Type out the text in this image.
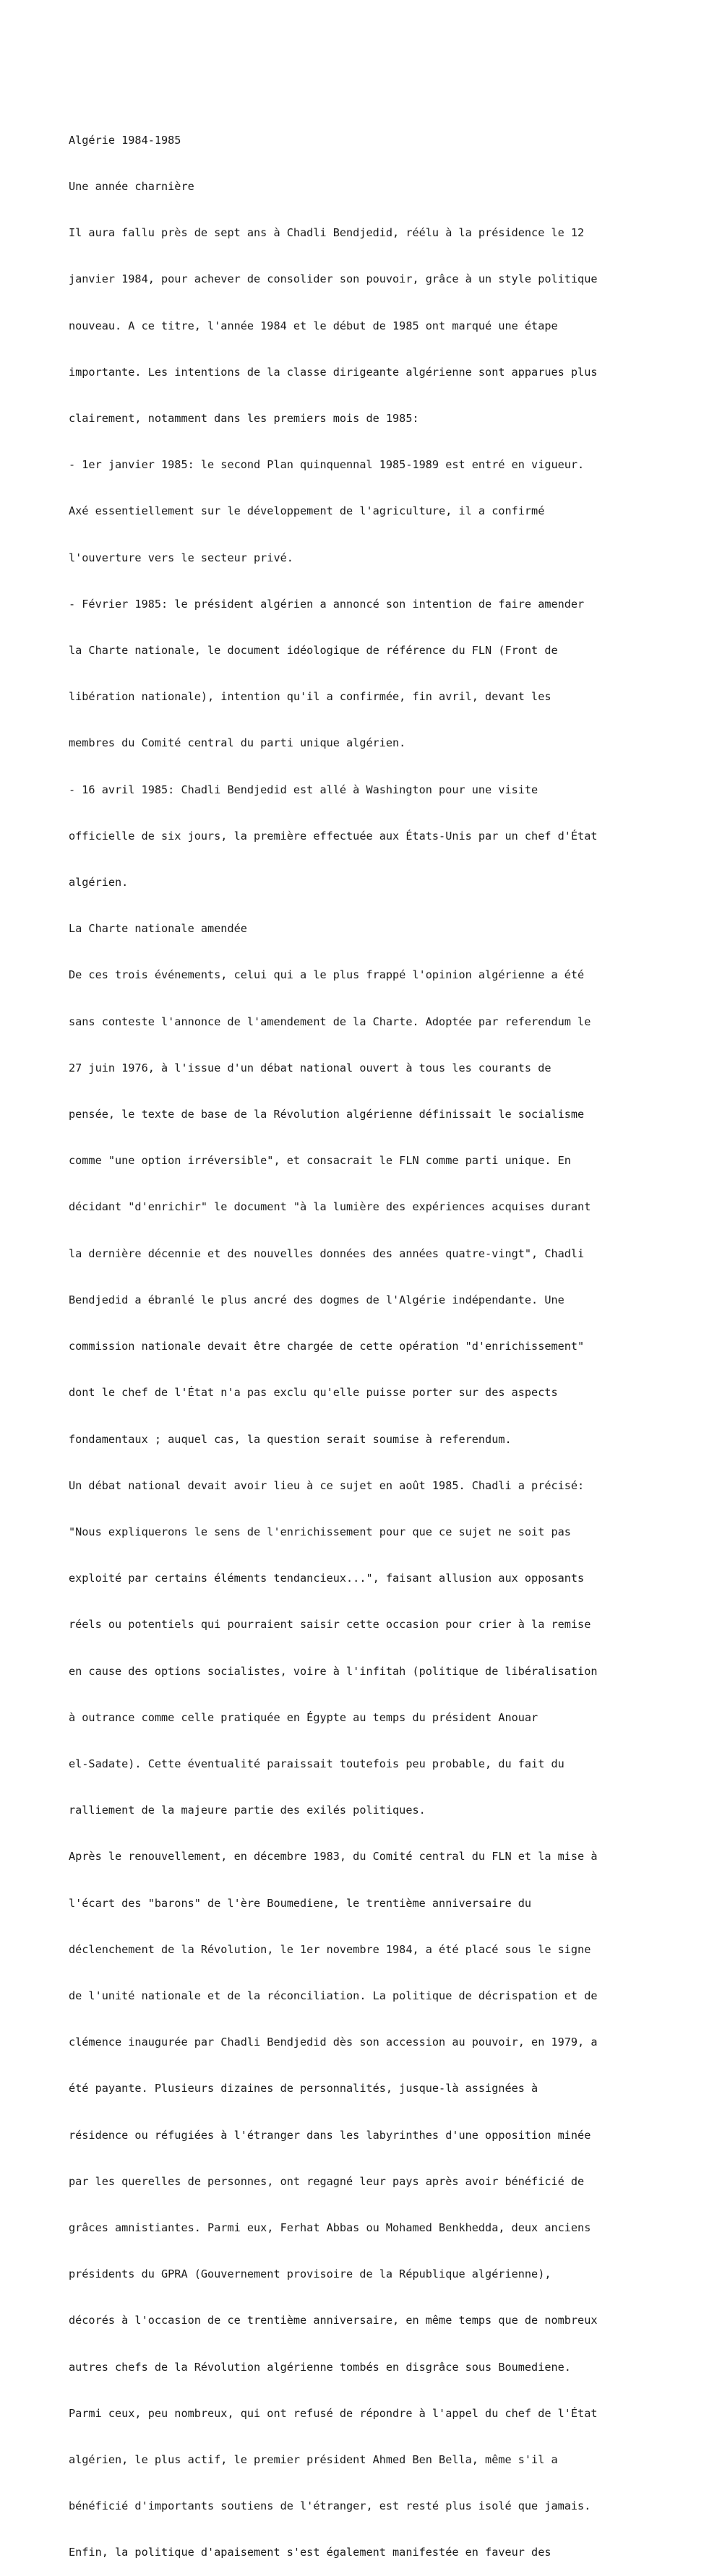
Algérie 1984-1985

Une année charnière

Il aura fallu près de sept ans à Chadli Bendjedid, réélu à la présidence le 12

janvier 1984, pour achever de consolider son pouvoir, grâce à un style politique

nouveau. A ce titre, l'année 1984 et le début de 1985 ont marqué une étape

importante. Les intentions de la classe dirigeante algérienne sont apparues plus

clairement, notamment dans les premiers mois de 1985:

- 1er janvier 1985: le second Plan quinquennal 1985-1989 est entré en vigueur.

Axé essentiellement sur le développement de l'agriculture, il a confirmé

l'ouverture vers le secteur privé.

- Février 1985: le président algérien a annoncé son intention de faire amender

la Charte nationale, le document idéologique de référence du FLN (Front de

libération nationale), intention qu'il a confirmée, fin avril, devant les

membres du Comité central du parti unique algérien.

- 16 avril 1985: Chadli Bendjedid est allé à Washington pour une visite

officielle de six jours, la première effectuée aux États-Unis par un chef d'État

algérien.

La Charte nationale amendée

De ces trois événements, celui qui a le plus frappé l'opinion algérienne a été

sans conteste l'annonce de l'amendement de la Charte. Adoptée par referendum le

27 juin 1976, à l'issue d'un débat national ouvert à tous les courants de

pensée, le texte de base de la Révolution algérienne définissait le socialisme

comme "une option irréversible", et consacrait le FLN comme parti unique. En

décidant "d'enrichir" le document "à la lumière des expériences acquises durant

la dernière décennie et des nouvelles données des années quatre-vingt", Chadli

Bendjedid a ébranlé le plus ancré des dogmes de l'Algérie indépendante. Une

commission nationale devait être chargée de cette opération "d'enrichissement"

dont le chef de l'État n'a pas exclu qu'elle puisse porter sur des aspects

fondamentaux ; auquel cas, la question serait soumise à referendum.

Un débat national devait avoir lieu à ce sujet en août 1985. Chadli a précisé:

"Nous expliquerons le sens de l'enrichissement pour que ce sujet ne soit pas

exploité par certains éléments tendancieux...", faisant allusion aux opposants

réels ou potentiels qui pourraient saisir cette occasion pour crier à la remise

en cause des options socialistes, voire à l'infitah (politique de libéralisation

à outrance comme celle pratiquée en Égypte au temps du président Anouar

el-Sadate). Cette éventualité paraissait toutefois peu probable, du fait du

ralliement de la majeure partie des exilés politiques.

Après le renouvellement, en décembre 1983, du Comité central du FLN et la mise à

l'écart des "barons" de l'ère Boumediene, le trentième anniversaire du

déclenchement de la Révolution, le 1er novembre 1984, a été placé sous le signe

de l'unité nationale et de la réconciliation. La politique de décrispation et de

clémence inaugurée par Chadli Bendjedid dès son accession au pouvoir, en 1979, a

été payante. Plusieurs dizaines de personnalités, jusque-là assignées à

résidence ou réfugiées à l'étranger dans les labyrinthes d'une opposition minée

par les querelles de personnes, ont regagné leur pays après avoir bénéficié de

grâces amnistiantes. Parmi eux, Ferhat Abbas ou Mohamed Benkhedda, deux anciens

présidents du GPRA (Gouvernement provisoire de la République algérienne),

décorés à l'occasion de ce trentième anniversaire, en même temps que de nombreux

autres chefs de la Révolution algérienne tombés en disgrâce sous Boumediene.

Parmi ceux, peu nombreux, qui ont refusé de répondre à l'appel du chef de l'État

algérien, le plus actif, le premier président Ahmed Ben Bella, même s'il a

bénéficié d'importants soutiens de l'étranger, est resté plus isolé que jamais.

Enfin, la politique d'apaisement s'est également manifestée en faveur des
